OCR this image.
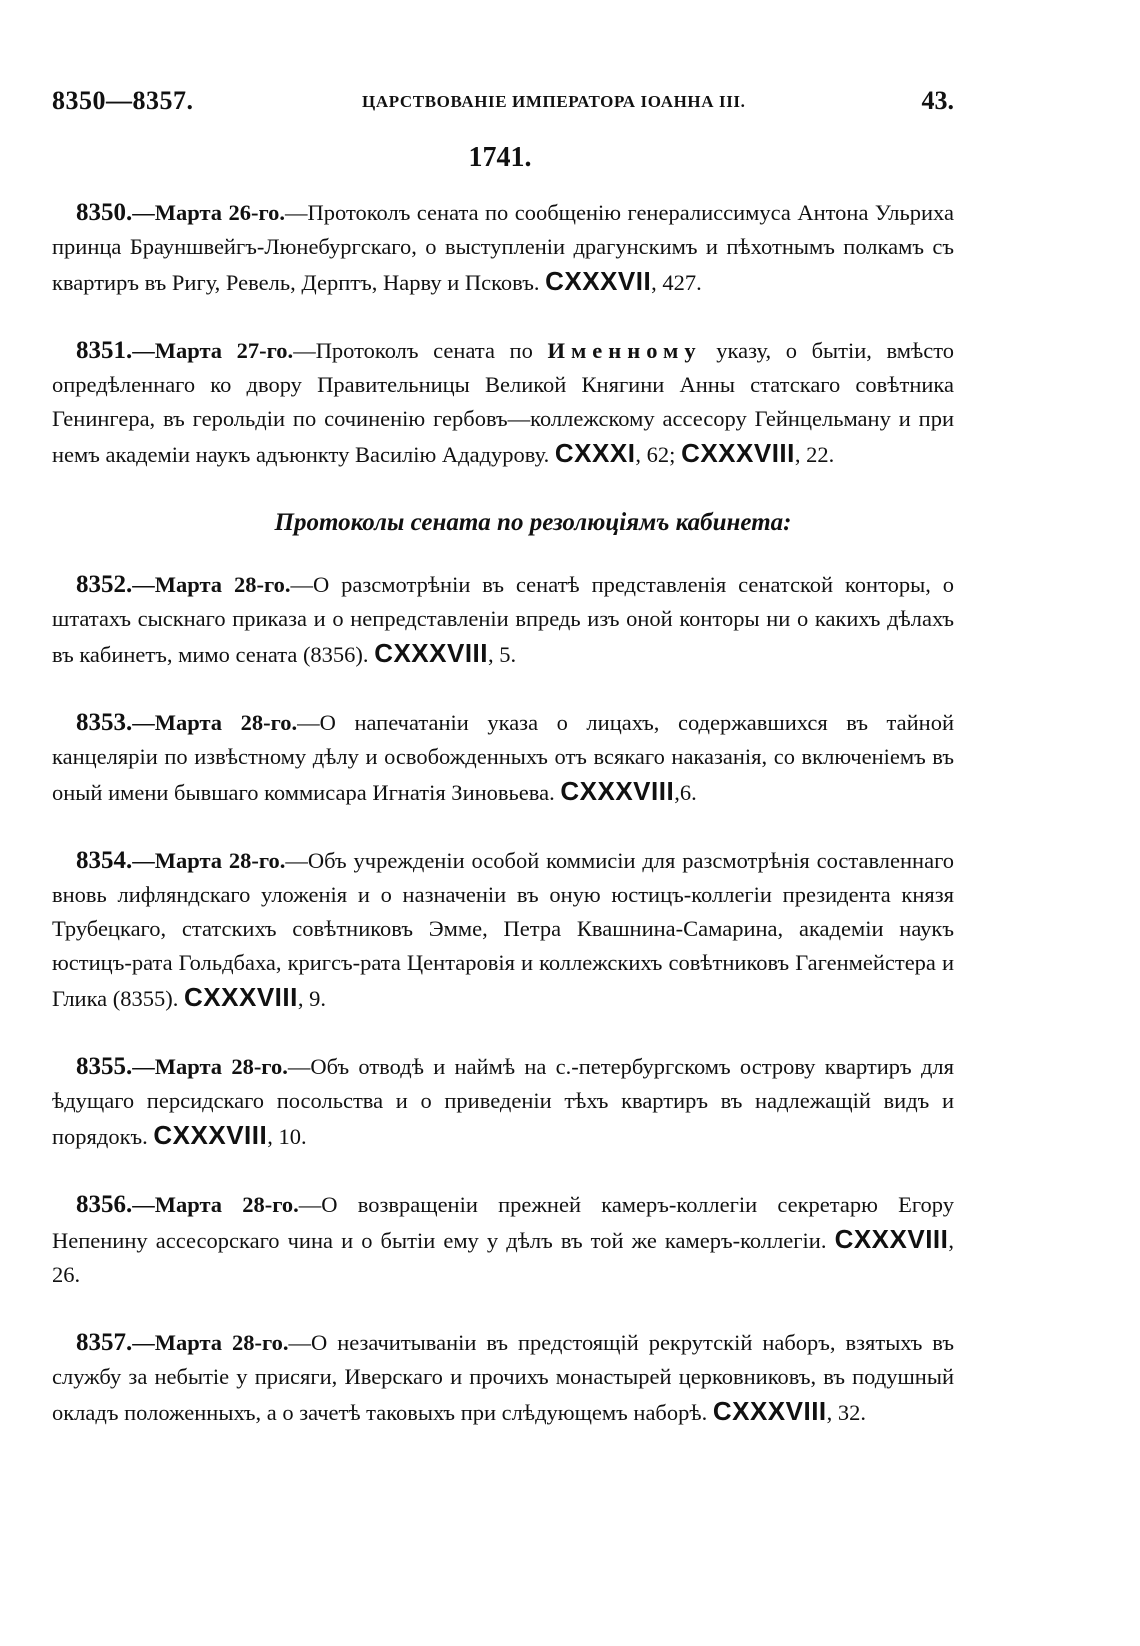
8350—8357.	ЦАРСТВОВАНІЕ ИМПЕРАТОРА ІОАННА III.	43.
1741.

8350.—Марта 26-го.—Протоколъ сената по сообщенію генералиссимуса Антона Ульриха принца Брауншвейгъ-Люнебургскаго, о выступленіи драгунскимъ и пѣхотнымъ полкамъ съ квартиръ въ Ригу, Ревель, Дерптъ, Нарву и Псковъ. CXXXVII, 427.

8351.—Марта 27-го.—Протоколъ сената по Именному указу, о бытіи, вмѣсто опредѣленнаго ко двору Правительницы Великой Княгини Анны статскаго совѣтника Генингера, въ герольдіи по сочиненію гербовъ—коллежскому ассесору Гейнцельману и при немъ академіи наукъ адъюнкту Василію Ададурову. CXXXI, 62; CXXXVIII, 22.

Протоколы сената по резолюціямъ кабинета:

8352.—Марта 28-го.—О разсмотрѣніи въ сенатѣ представленія сенатской конторы, о штатахъ сыскнаго приказа и о непредставленіи впредь изъ оной конторы ни о какихъ дѣлахъ въ кабинетъ, мимо сената (8356). CXXXVIII, 5.

8353.—Марта 28-го.—О напечатаніи указа о лицахъ, содержавшихся въ тайной канцеляріи по извѣстному дѣлу и освобожденныхъ отъ всякаго наказанія, со включеніемъ въ оный имени бывшаго коммисара Игнатія Зиновьева. CXXXVIII,6.

8354.—Марта 28-го.—Объ учрежденіи особой коммисіи для разсмотрѣнія составленнаго вновь лифляндскаго уложенія и о назначеніи въ оную юстицъ-коллегіи президента князя Трубецкаго, статскихъ совѣтниковъ Эмме, Петра Квашнина-Самарина, академіи наукъ юстицъ-рата Гольдбаха, кригсъ-рата Центаровія и коллежскихъ совѣтниковъ Гагенмейстера и Глика (8355). CXXXVIII, 9.

8355.—Марта 28-го.—Объ отводѣ и наймѣ на с.-петербургскомъ острову квартиръ для ѣдущаго персидскаго посольства и о приведеніи тѣхъ квартиръ въ надлежащій видъ и порядокъ. CXXXVIII, 10.

8356.—Марта 28-го.—О возвращеніи прежней камеръ-коллегіи секретарю Егору Непенину ассесорскаго чина и о бытіи ему у дѣлъ въ той же камеръ-коллегіи. CXXXVIII, 26.

8357.—Марта 28-го.—О незачитываніи въ предстоящій рекрутскій наборъ, взятыхъ въ службу за небытіе у присяги, Иверскаго и прочихъ монастырей церковниковъ, въ подушный окладъ положенныхъ, а о зачетѣ таковыхъ при слѣдующемъ наборѣ. CXXXVIII, 32.
